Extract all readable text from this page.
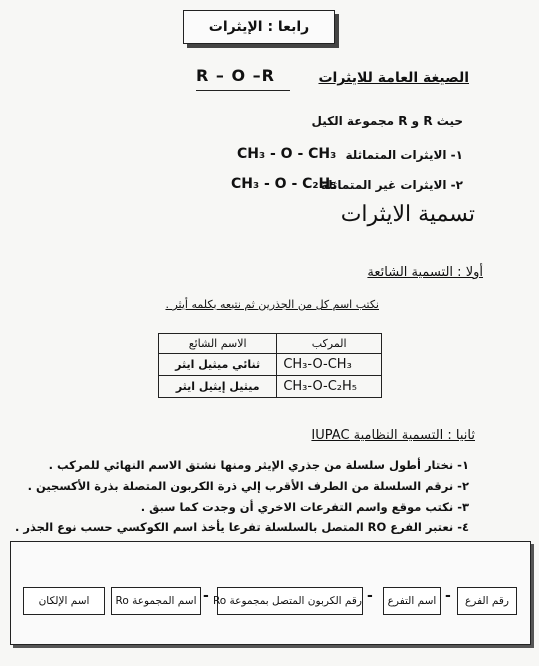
رابعا : الإيثرات
الصيغة العامة للايثرات
R – O –R
حيث R و R مجموعة الكيل
١- الايثرات المتماثلة
CH₃ - O - CH₃
٢- الايثرات غير المتماثلة
CH₃ - O - C₂H₅
تسمية الايثرات
أولا : التسمية الشائعة
نكتب اسم كل من الجذرين ثم نتبعه بكلمه أيثر .
الاسم الشائع	المركب
ثنائي ميثيل ايثر	CH₃-O-CH₃
ميثيل إيثيل ايثر	CH₃-O-C₂H₅
ثانيا : التسمية النظامية IUPAC
١- نختار أطول سلسلة من جذري الإيثر ومنها نشتق الاسم النهائي للمركب .
٢- نرقم السلسلة من الطرف الأقرب إلي ذرة الكربون المتصلة بذرة الأكسجين .
٣- نكتب موقع واسم التفرعات الاخري أن وجدت كما سبق .
٤- نعتبر الفرع RO المتصل بالسلسلة تفرعا يأخذ اسم الكوكسي حسب نوع الجذر .
رقم الفرع
-
اسم التفرع
-
رقم الكربون المتصل بمجموعة Ro
-
اسم المجموعة Ro
اسم الإلكان
